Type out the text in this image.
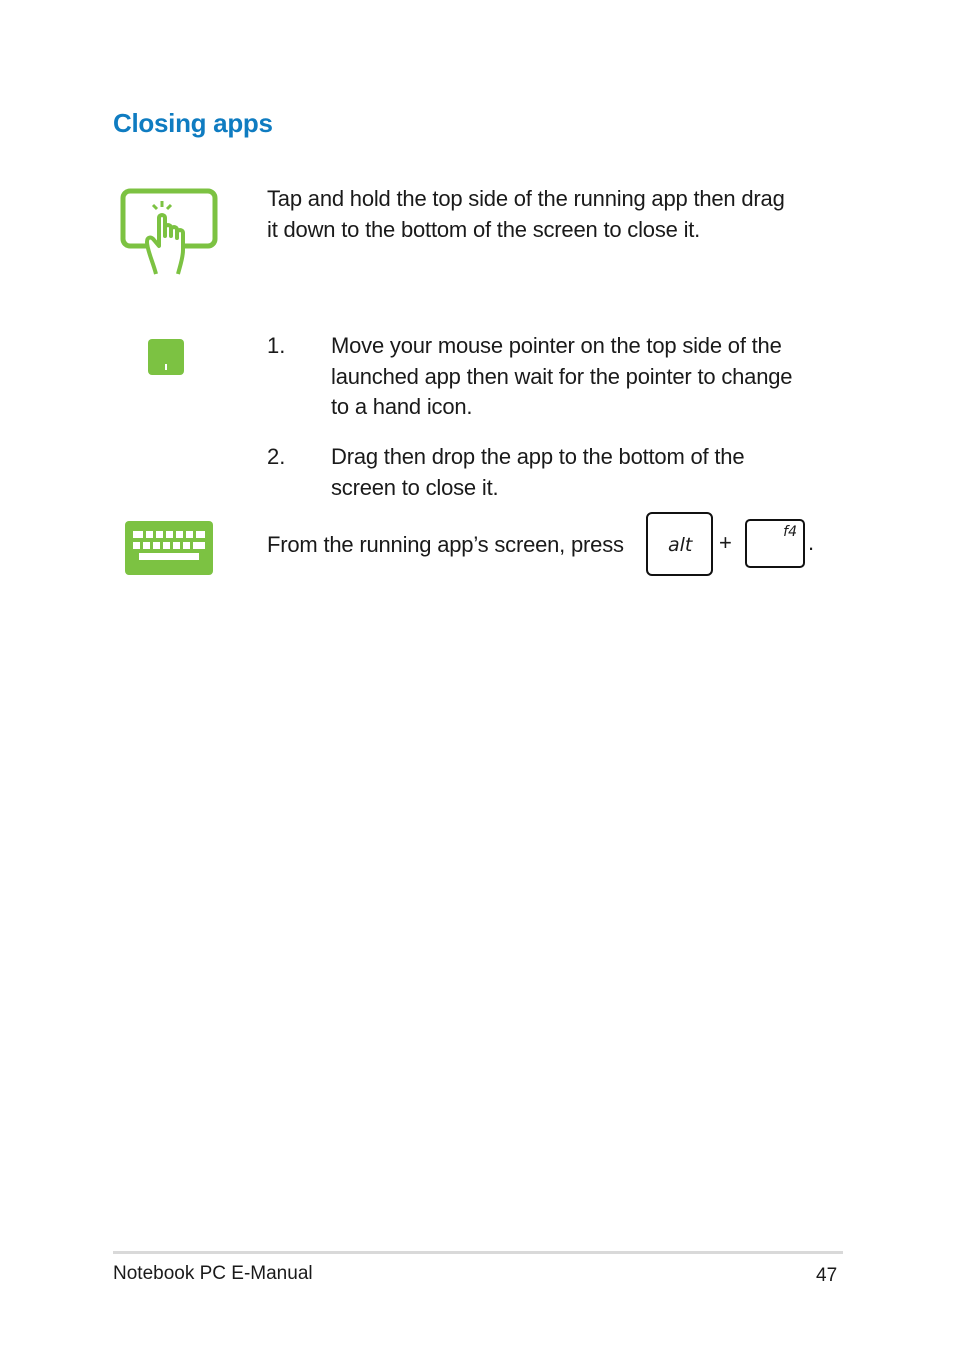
Closing apps
Tap and hold the top side of the running app then drag
it down to the bottom of the screen to close it.
1. Move your mouse pointer on the top side of the
launched app then wait for the pointer to change
to a hand icon.
2. Drag then drop the app to the bottom of the
screen to close it.
From the running app’s screen, press alt +	f4 .
Notebook PC E-Manual	47
